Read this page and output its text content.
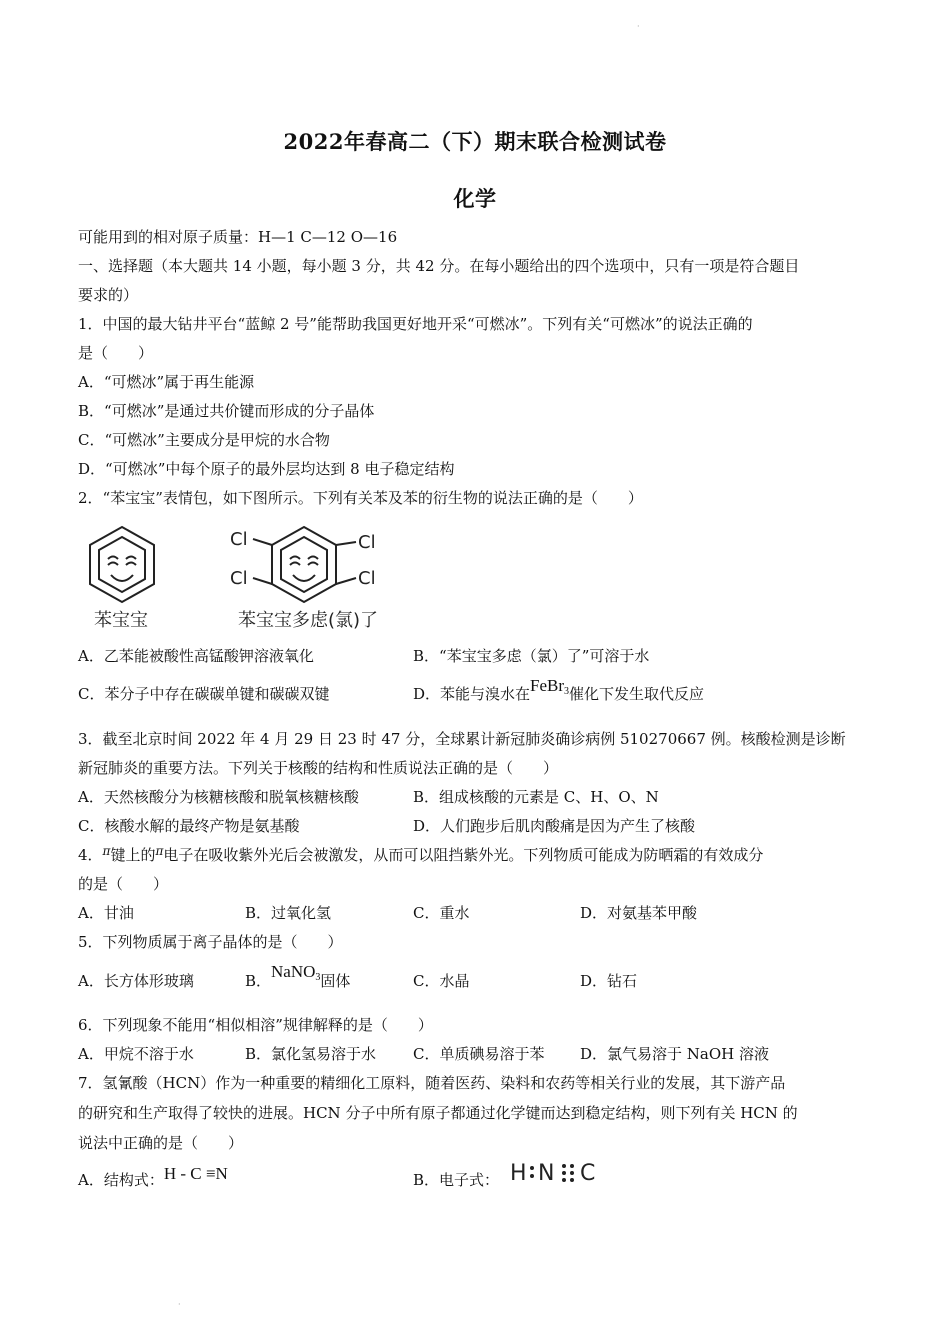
·
2022年春高二（下）期末联合检测试卷
化学
可能用到的相对原子质量：H—1 C—12 O—16
一、选择题（本大题共 14 小题，每小题 3 分，共 42 分。在每小题给出的四个选项中，只有一项是符合题目
要求的）
1．中国的最大钻井平台“蓝鲸 2 号”能帮助我国更好地开采“可燃冰”。下列有关“可燃冰”的说法正确的
是（　　）
A．“可燃冰”属于再生能源
B．“可燃冰”是通过共价键而形成的分子晶体
C．“可燃冰”主要成分是甲烷的水合物
D．“可燃冰”中每个原子的最外层均达到 8 电子稳定结构
2．“苯宝宝”表情包，如下图所示。下列有关苯及苯的衍生物的说法正确的是（　　）
Cl
Cl
Cl
Cl
苯宝宝	苯宝宝多虑(氯)了
A．乙苯能被酸性高锰酸钾溶液氧化	B．“苯宝宝多虑（氯）了”可溶于水
C．苯分子中存在碳碳单键和碳碳双键	D．苯能与溴水在FeBr$_3$催化下发生取代反应
3．截至北京时间 2022 年 4 月 29 日 23 时 47 分，全球累计新冠肺炎确诊病例 510270667 例。核酸检测是诊断
新冠肺炎的重要方法。下列关于核酸的结构和性质说法正确的是（　　）
A．天然核酸分为核糖核酸和脱氧核糖核酸	B．组成核酸的元素是 C、H、O、N
C．核酸水解的最终产物是氨基酸	D．人们跑步后肌肉酸痛是因为产生了核酸
4．$^\pi$键上的$^\pi$电子在吸收紫外光后会被激发，从而可以阻挡紫外光。下列物质可能成为防晒霜的有效成分
的是（　　）
A．甘油	B．过氧化氢	C．重水	D．对氨基苯甲酸
5．下列物质属于离子晶体的是（　　）
A．长方体形玻璃	B．NaNO$_3$固体	C．水晶	D．钻石
6．下列现象不能用“相似相溶”规律解释的是（　　）
A．甲烷不溶于水	B．氯化氢易溶于水 C．单质碘易溶于苯 D．氯气易溶于 NaOH 溶液
7．氢氰酸（HCN）作为一种重要的精细化工原料，随着医药、染料和农药等相关行业的发展，其下游产品
的研究和生产取得了较快的进展。HCN 分子中所有原子都通过化学键而达到稳定结构，则下列有关 HCN 的
说法中正确的是（　　）
A．结构式：H - C ≡N	B．电子式： H N C
·
